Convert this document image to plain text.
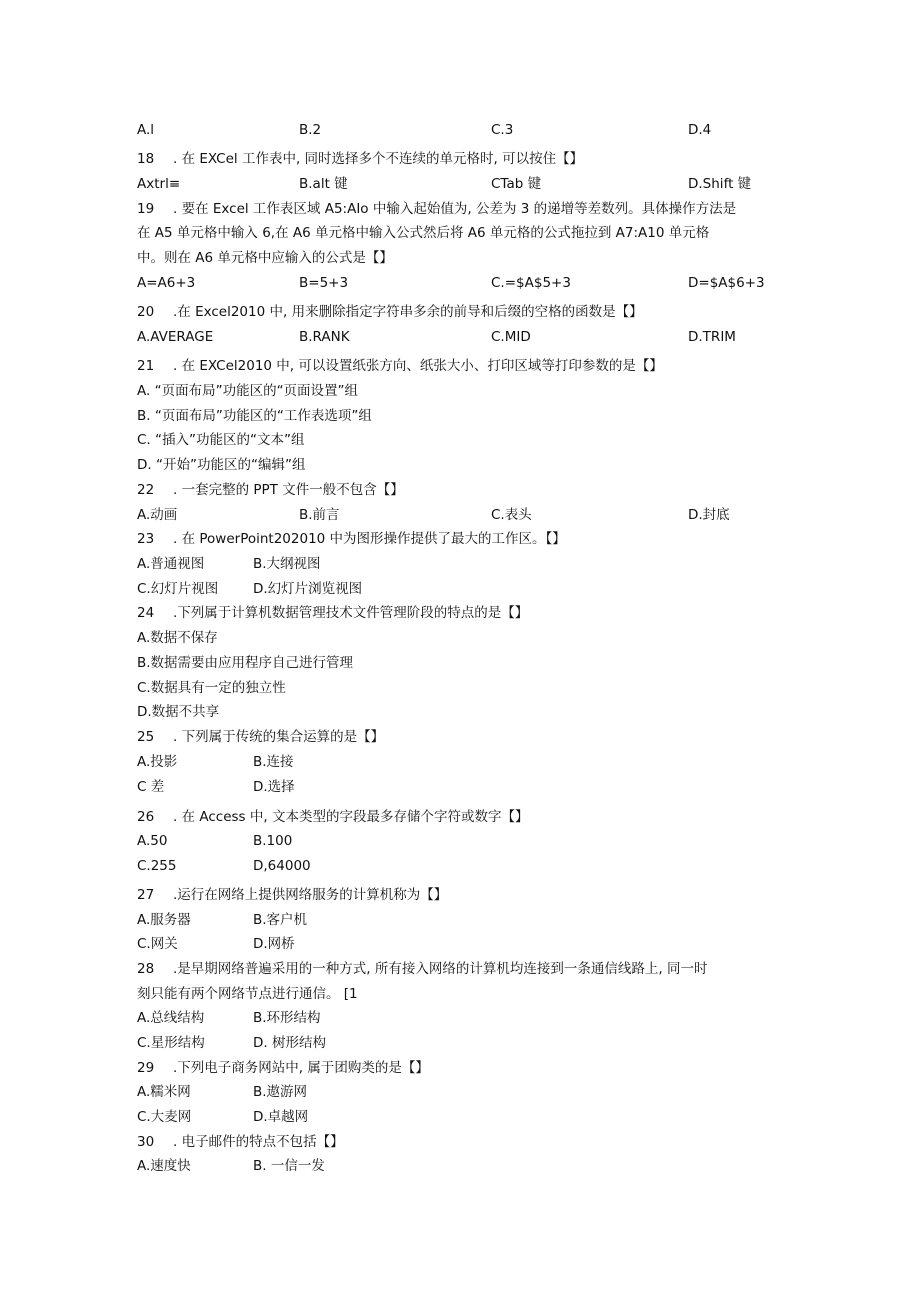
A.l	B.2	C.3	D.4
18 . 在 EXCel 工作表中, 同时选择多个不连续的单元格时, 可以按住【】
Axtrl≡	B.alt 键	CTab 键	D.Shift 键
19 . 要在 Excel 工作表区域 A5:AIo 中输入起始值为, 公差为 3 的递增等差数列。具体操作方法是
在 A5 单元格中输入 6,在 A6 单元格中输入公式然后将 A6 单元格的公式拖拉到 A7:A10 单元格
中。则在 A6 单元格中应输入的公式是【】
A=A6+3	B=5+3	C.=$A$5+3	D=$A$6+3
20 .在 Excel2010 中, 用来删除指定字符串多余的前导和后缀的空格的函数是【】
A.AVERAGE	B.RANK	C.MID	D.TRIM
21 . 在 EXCel2010 中, 可以设置纸张方向、纸张大小、打印区域等打印参数的是【】
A. “页面布局”功能区的“页面设置”组
B. “页面布局”功能区的“工作表选项”组
C. “插入”功能区的“文本”组
D. “开始”功能区的“编辑”组
22 . 一套完整的 PPT 文件一般不包含【】
A.动画	B.前言	C.表头	D.封底
23 . 在 PowerPoint202010 中为图形操作提供了最大的工作区。【】
A.普通视图	B.大纲视图
C.幻灯片视图	D.幻灯片浏览视图
24 .下列属于计算机数据管理技术文件管理阶段的特点的是【】
A.数据不保存
B.数据需要由应用程序自己进行管理
C.数据具有一定的独立性
D.数据不共享
25 . 下列属于传统的集合运算的是【】
A.投影	B.连接
C 差	D.选择
26 . 在 Access 中, 文本类型的字段最多存储个字符或数字【】
A.50	B.100
C.255	D,64000
27 .运行在网络上提供网络服务的计算机称为【】
A.服务器	B.客户机
C.网关	D.网桥
28 .是早期网络普遍采用的一种方式, 所有接入网络的计算机均连接到一条通信线路上, 同一时
刻只能有两个网络节点进行通信。 [1
A.总线结构	B.环形结构
C.星形结构	D. 树形结构
29 .下列电子商务网站中, 属于团购类的是【】
A.糯米网	B.遨游网
C.大麦网	D.卓越网
30 . 电子邮件的特点不包括【】
A.速度快	B. 一信一发
